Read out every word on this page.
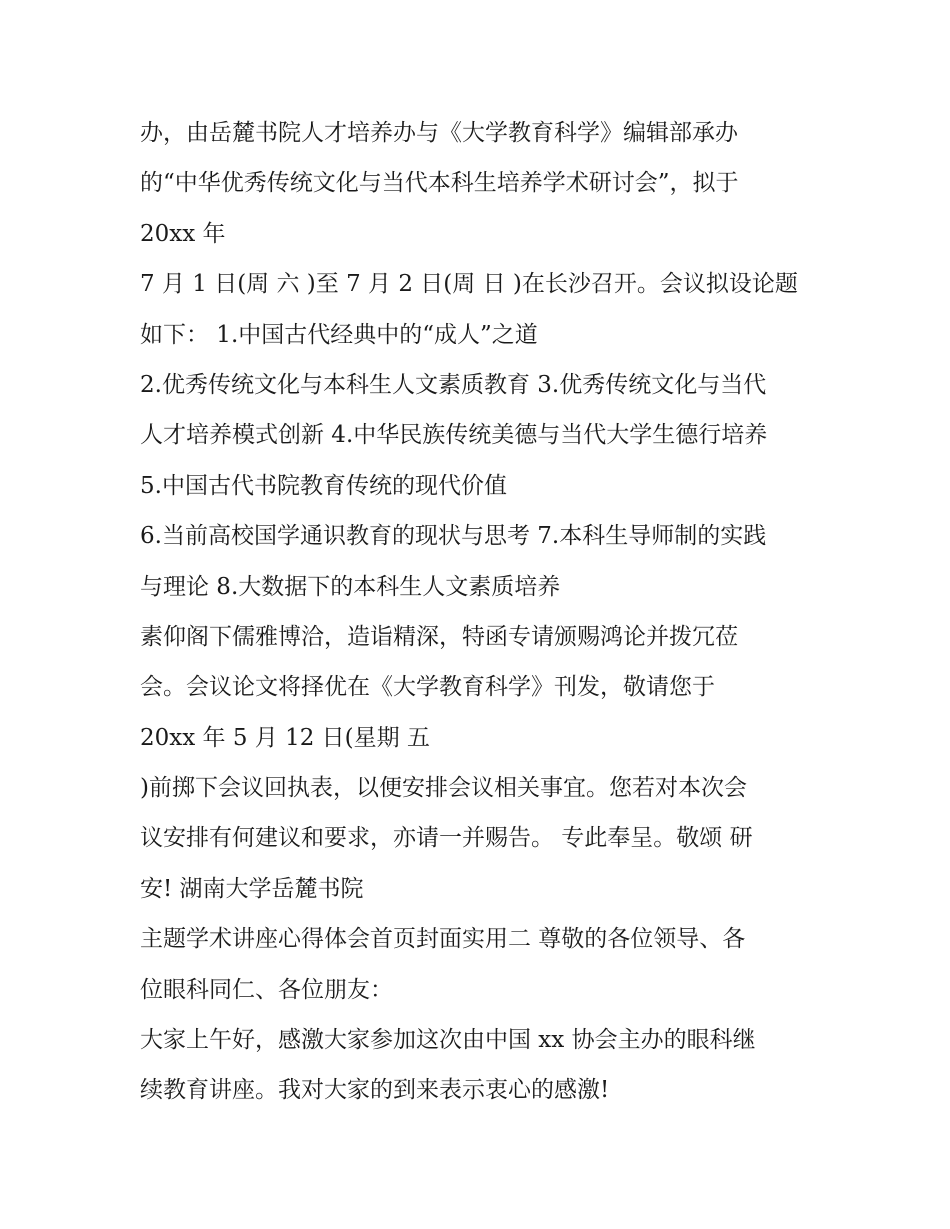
办，由岳麓书院人才培养办与《大学教育科学》编辑部承办
的“中华优秀传统文化与当代本科生培养学术研讨会”，拟于
20xx 年
7 月 1 日(周 六 )至 7 月 2 日(周 日 )在长沙召开。会议拟设论题
如下： 1.中国古代经典中的“成人”之道
2.优秀传统文化与本科生人文素质教育 3.优秀传统文化与当代
人才培养模式创新 4.中华民族传统美德与当代大学生德行培养
5.中国古代书院教育传统的现代价值
6.当前高校国学通识教育的现状与思考 7.本科生导师制的实践
与理论 8.大数据下的本科生人文素质培养
素仰阁下儒雅博洽，造诣精深，特函专请颁赐鸿论并拨冗莅
会。会议论文将择优在《大学教育科学》刊发，敬请您于
20xx 年 5 月 12 日(星期 五
)前掷下会议回执表，以便安排会议相关事宜。您若对本次会
议安排有何建议和要求，亦请一并赐告。 专此奉呈。敬颂 研
安! 湖南大学岳麓书院
主题学术讲座心得体会首页封面实用二 尊敬的各位领导、各
位眼科同仁、各位朋友：
大家上午好，感激大家参加这次由中国 xx 协会主办的眼科继
续教育讲座。我对大家的到来表示衷心的感激!
